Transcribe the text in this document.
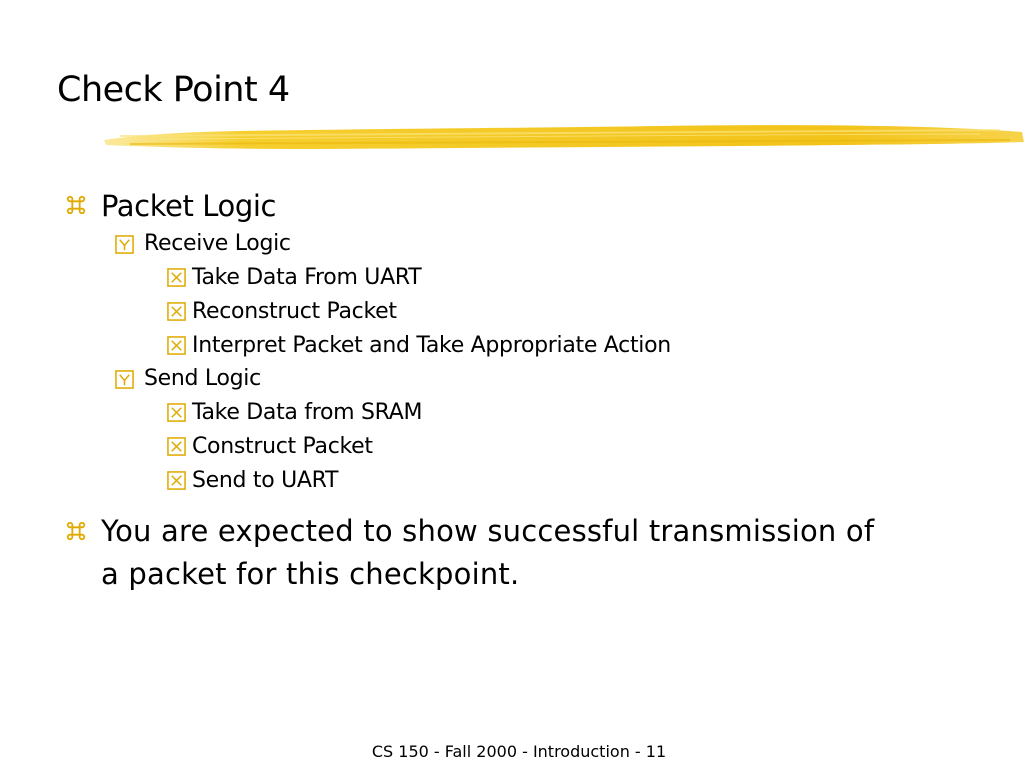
Check Point 4
Packet Logic
Receive Logic
Take Data From UART
Reconstruct Packet
Interpret Packet and Take Appropriate Action
Send Logic
Take Data from SRAM
Construct Packet
Send to UART
You are expected to show successful transmission of
a packet for this checkpoint.
CS 150 - Fall 2000 - Introduction - 11
